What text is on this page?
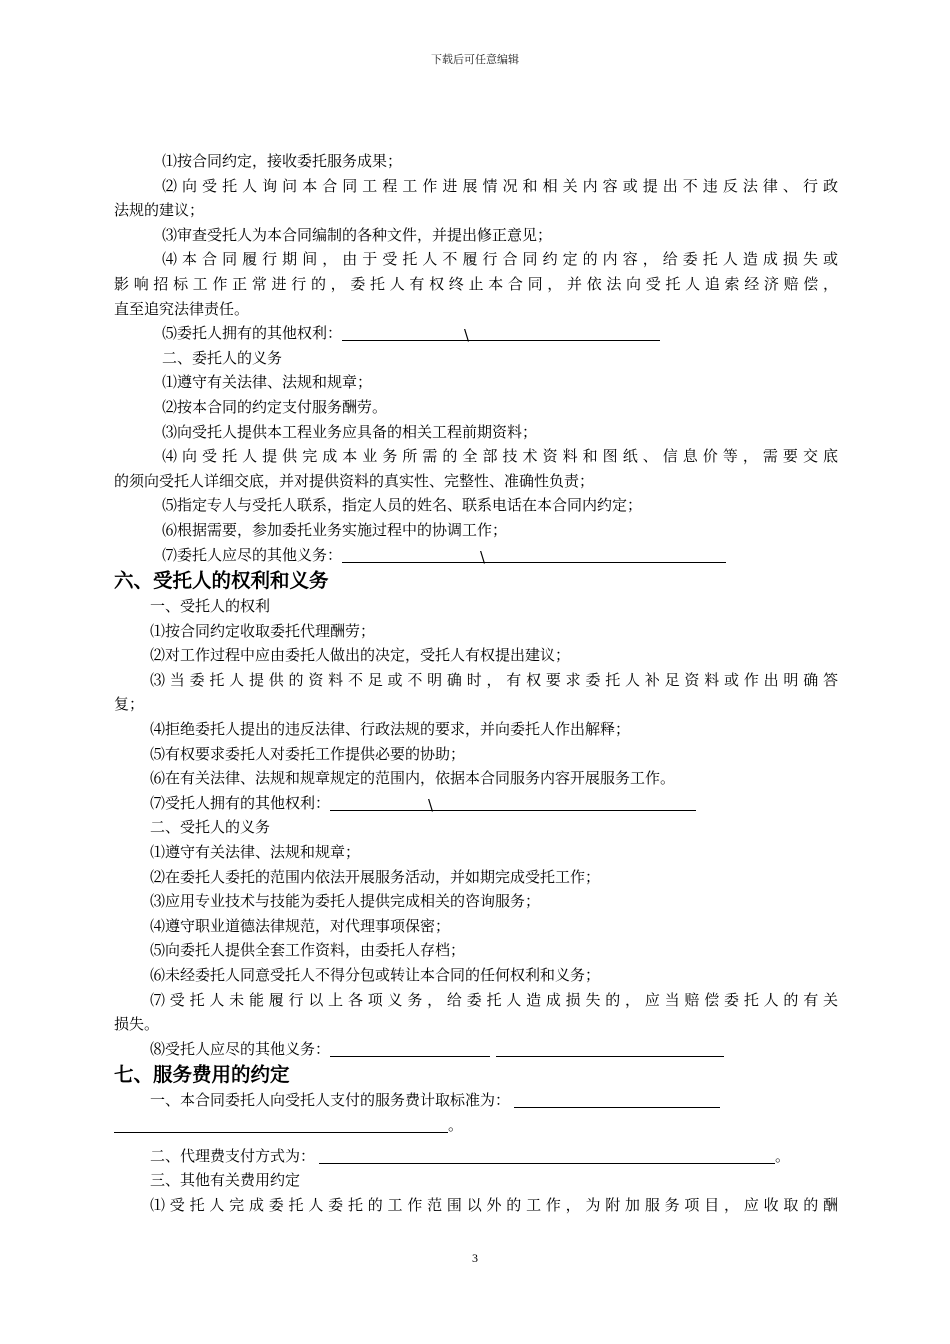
下载后可任意编辑
⑴按合同约定，接收委托服务成果；
⑵向受托人询问本合同工程工作进展情况和相关内容或提出不违反法律、行政
法规的建议；
⑶审查受托人为本合同编制的各种文件，并提出修正意见；
⑷本合同履行期间，由于受托人不履行合同约定的内容，给委托人造成损失或
影响招标工作正常进行的，委托人有权终止本合同，并依法向受托人追索经济赔偿，
直至追究法律责任。
⑸委托人拥有的其他权利：	\
二、委托人的义务
⑴遵守有关法律、法规和规章；
⑵按本合同的约定支付服务酬劳。
⑶向受托人提供本工程业务应具备的相关工程前期资料；
⑷向受托人提供完成本业务所需的全部技术资料和图纸、信息价等，需要交底
的须向受托人详细交底，并对提供资料的真实性、完整性、准确性负责；
⑸指定专人与受托人联系，指定人员的姓名、联系电话在本合同内约定；
⑹根据需要，参加委托业务实施过程中的协调工作；
⑺委托人应尽的其他义务：	\
六、受托人的权利和义务
一、受托人的权利
⑴按合同约定收取委托代理酬劳；
⑵对工作过程中应由委托人做出的决定，受托人有权提出建议；
⑶当委托人提供的资料不足或不明确时，有权要求委托人补足资料或作出明确答
复；
⑷拒绝委托人提出的违反法律、行政法规的要求，并向委托人作出解释；
⑸有权要求委托人对委托工作提供必要的协助；
⑹在有关法律、法规和规章规定的范围内，依据本合同服务内容开展服务工作。
⑺受托人拥有的其他权利：	\
二、受托人的义务
⑴遵守有关法律、法规和规章；
⑵在委托人委托的范围内依法开展服务活动，并如期完成受托工作；
⑶应用专业技术与技能为委托人提供完成相关的咨询服务；
⑷遵守职业道德法律规范，对代理事项保密；
⑸向委托人提供全套工作资料，由委托人存档；
⑹未经委托人同意受托人不得分包或转让本合同的任何权利和义务；
⑺受托人未能履行以上各项义务，给委托人造成损失的，应当赔偿委托人的有关
损失。
⑻受托人应尽的其他义务：
七、服务费用的约定
一、本合同委托人向受托人支付的服务费计取标准为：
。
二、代理费支付方式为：	。
三、其他有关费用约定
⑴受托人完成委托人委托的工作范围以外的工作，为附加服务项目，应收取的酬
3
